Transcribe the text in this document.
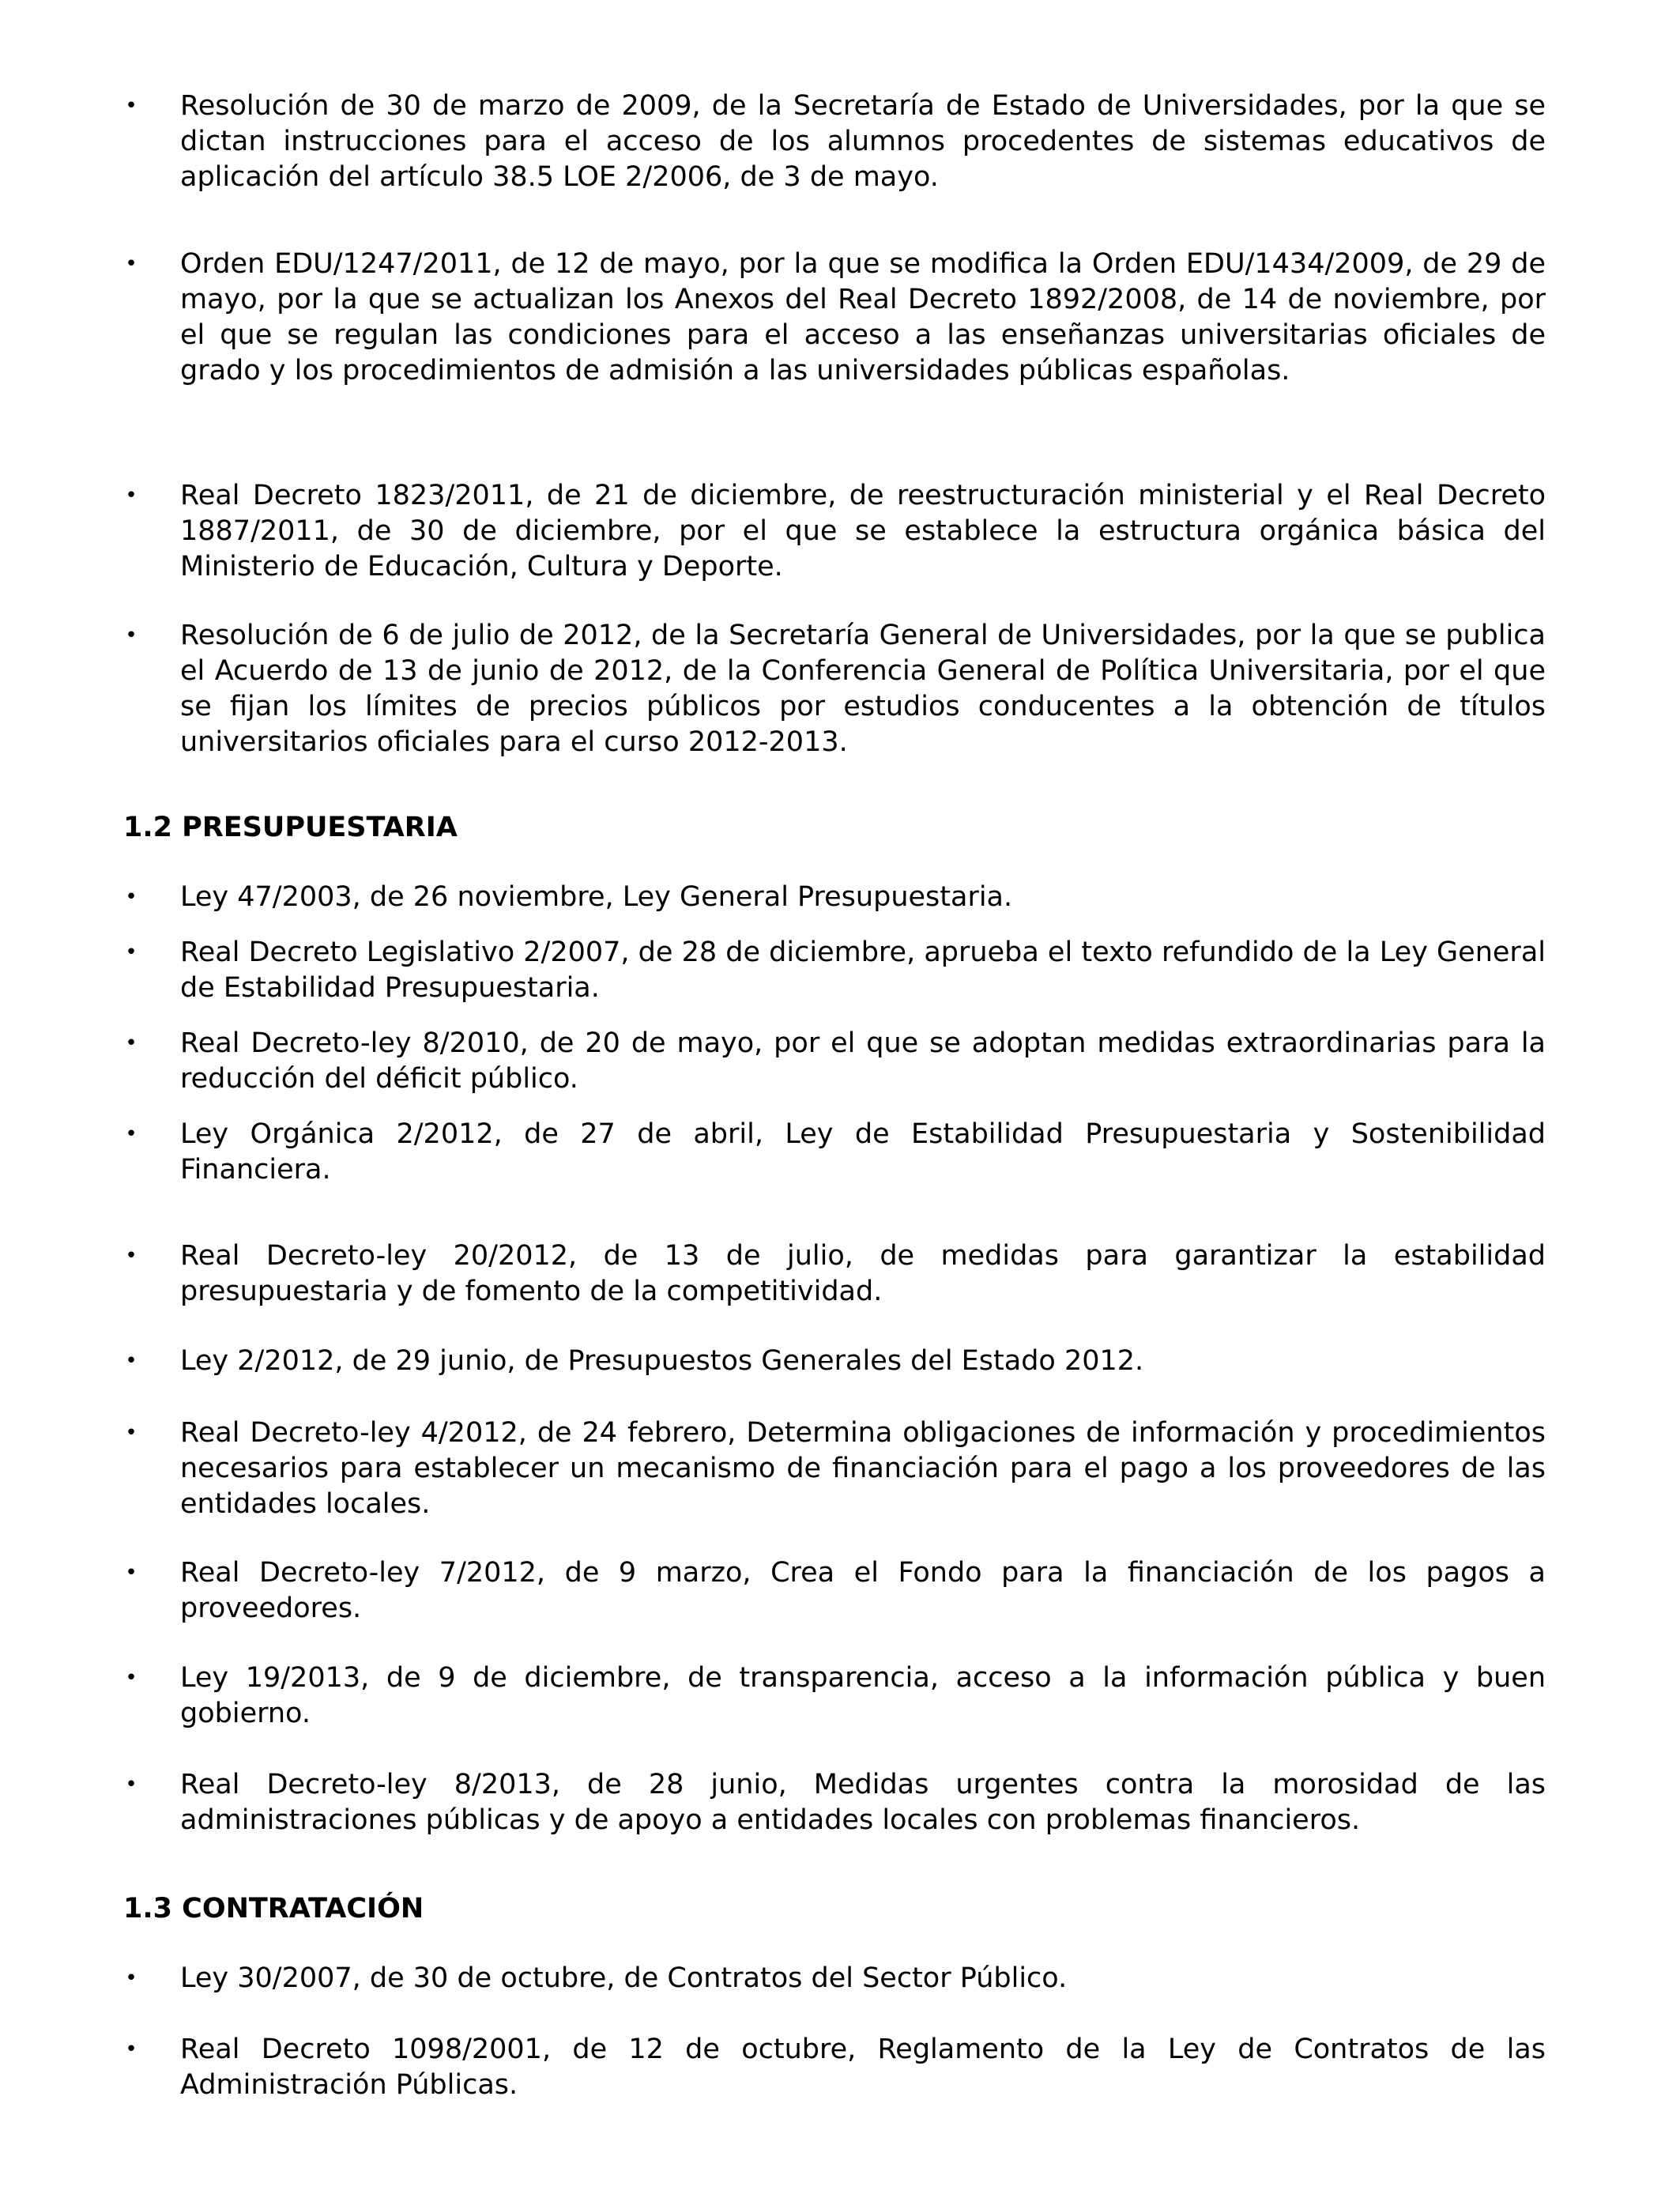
• Resolución de 30 de marzo de 2009, de la Secretaría de Estado de Universidades, por la que se dictan instrucciones para el acceso de los alumnos procedentes de sistemas educativos de aplicación del artículo 38.5 LOE 2/2006, de 3 de mayo.
• Orden EDU/1247/2011, de 12 de mayo, por la que se modifica la Orden EDU/1434/2009, de 29 de mayo, por la que se actualizan los Anexos del Real Decreto 1892/2008, de 14 de noviembre, por el que se regulan las condiciones para el acceso a las enseñanzas universitarias oficiales de grado y los procedimientos de admisión a las universidades públicas españolas.
• Real Decreto 1823/2011, de 21 de diciembre, de reestructuración ministerial y el Real Decreto 1887/2011, de 30 de diciembre, por el que se establece la estructura orgánica básica del Ministerio de Educación, Cultura y Deporte.
• Resolución de 6 de julio de 2012, de la Secretaría General de Universidades, por la que se publica el Acuerdo de 13 de junio de 2012, de la Conferencia General de Política Universitaria, por el que se fijan los límites de precios públicos por estudios conducentes a la obtención de títulos universitarios oficiales para el curso 2012-2013.
1.2 PRESUPUESTARIA
• Ley 47/2003, de 26 noviembre, Ley General Presupuestaria.
• Real Decreto Legislativo 2/2007, de 28 de diciembre, aprueba el texto refundido de la Ley General de Estabilidad Presupuestaria.
• Real Decreto-ley 8/2010, de 20 de mayo, por el que se adoptan medidas extraordinarias para la reducción del déficit público.
• Ley Orgánica 2/2012, de 27 de abril, Ley de Estabilidad Presupuestaria y Sostenibilidad Financiera.
• Real Decreto-ley 20/2012, de 13 de julio, de medidas para garantizar la estabilidad presupuestaria y de fomento de la competitividad.
• Ley 2/2012, de 29 junio, de Presupuestos Generales del Estado 2012.
• Real Decreto-ley 4/2012, de 24 febrero, Determina obligaciones de información y procedimientos necesarios para establecer un mecanismo de financiación para el pago a los proveedores de las entidades locales.
• Real Decreto-ley 7/2012, de 9 marzo, Crea el Fondo para la financiación de los pagos a proveedores.
• Ley 19/2013, de 9 de diciembre, de transparencia, acceso a la información pública y buen gobierno.
• Real Decreto-ley 8/2013, de 28 junio, Medidas urgentes contra la morosidad de las administraciones públicas y de apoyo a entidades locales con problemas financieros.
1.3 CONTRATACIÓN
• Ley 30/2007, de 30 de octubre, de Contratos del Sector Público.
• Real Decreto 1098/2001, de 12 de octubre, Reglamento de la Ley de Contratos de las Administración Públicas.
